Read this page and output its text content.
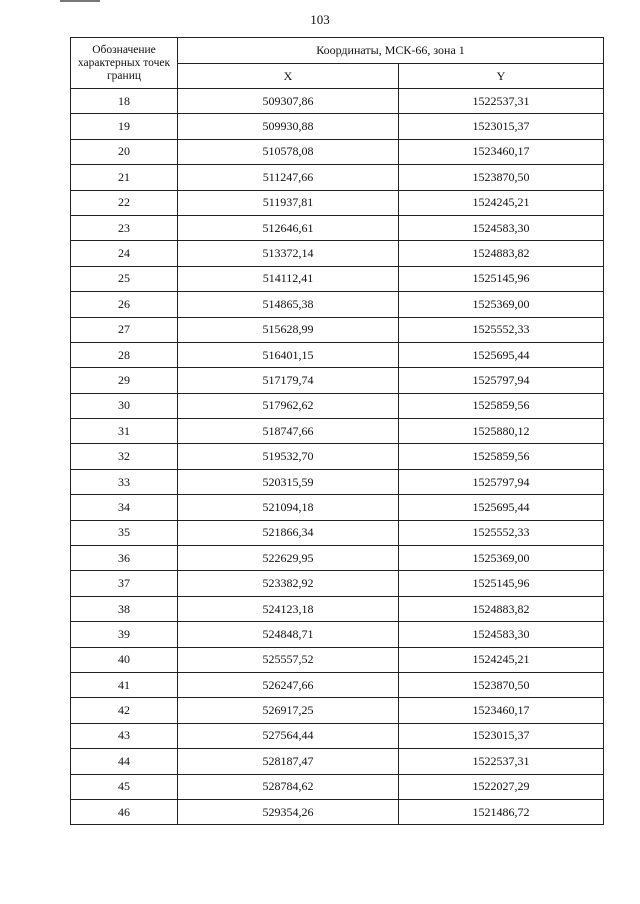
103
Обозначение характерных точек границ	Координаты, МСК-66, зона 1	
	X	Y
18	509307,86	1522537,31
19	509930,88	1523015,37
20	510578,08	1523460,17
21	511247,66	1523870,50
22	511937,81	1524245,21
23	512646,61	1524583,30
24	513372,14	1524883,82
25	514112,41	1525145,96
26	514865,38	1525369,00
27	515628,99	1525552,33
28	516401,15	1525695,44
29	517179,74	1525797,94
30	517962,62	1525859,56
31	518747,66	1525880,12
32	519532,70	1525859,56
33	520315,59	1525797,94
34	521094,18	1525695,44
35	521866,34	1525552,33
36	522629,95	1525369,00
37	523382,92	1525145,96
38	524123,18	1524883,82
39	524848,71	1524583,30
40	525557,52	1524245,21
41	526247,66	1523870,50
42	526917,25	1523460,17
43	527564,44	1523015,37
44	528187,47	1522537,31
45	528784,62	1522027,29
46	529354,26	1521486,72
